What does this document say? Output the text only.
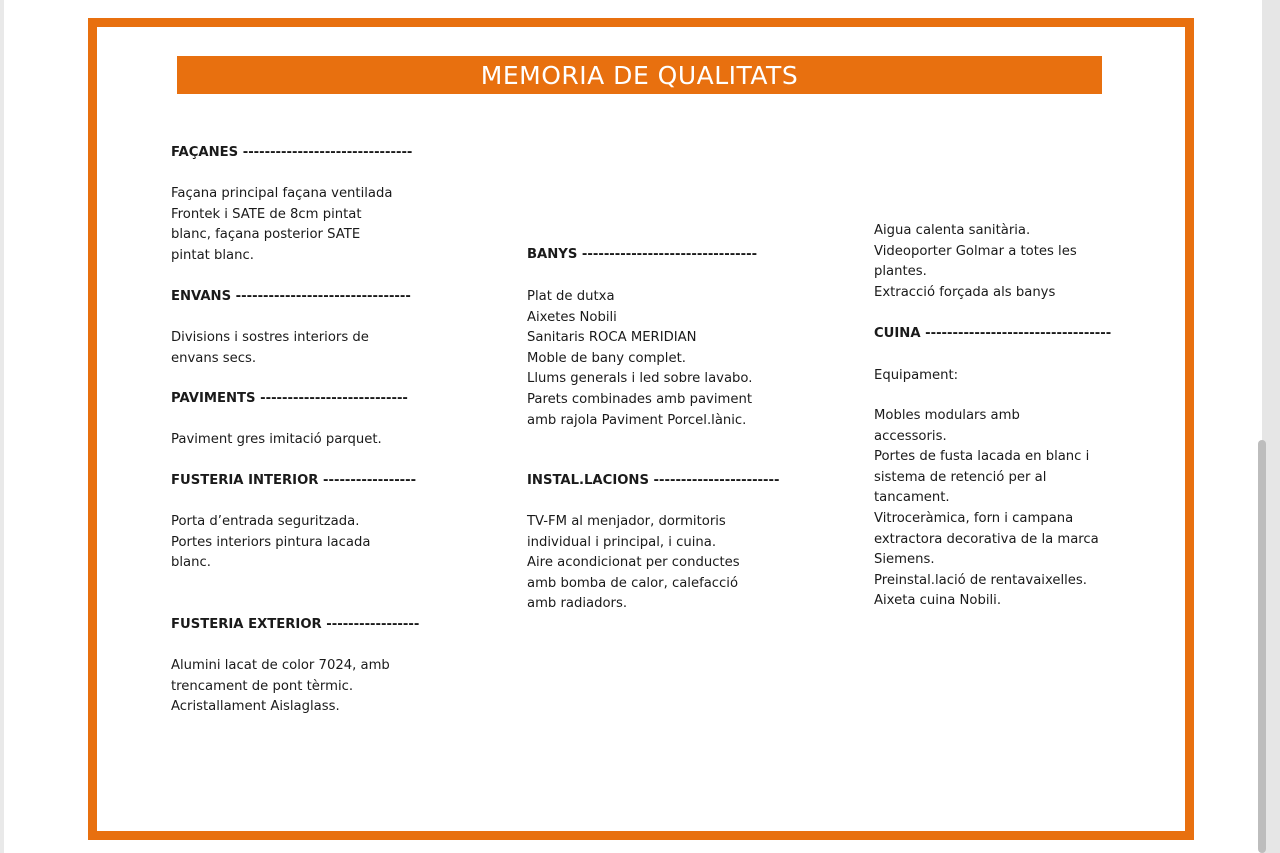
MEMORIA DE QUALITATS

FAÇANES -------------------------------

Façana principal façana ventilada

Frontek i SATE de 8cm pintat

blanc, façana posterior SATE

pintat blanc.

ENVANS --------------------------------

Divisions i sostres interiors de

envans secs.

PAVIMENTS ---------------------------

Paviment gres imitació parquet.

FUSTERIA INTERIOR -----------------

Porta d’entrada seguritzada.

Portes interiors pintura lacada

blanc.

FUSTERIA EXTERIOR -----------------

Alumini lacat de color 7024, amb

trencament de pont tèrmic.

Acristallament Aislaglass.

BANYS --------------------------------

Plat de dutxa

Aixetes Nobili

Sanitaris ROCA MERIDIAN

Moble de bany complet.

Llums generals i led sobre lavabo.

Parets combinades amb paviment

amb rajola Paviment Porcel.lànic.

INSTAL.LACIONS -----------------------

TV-FM al menjador, dormitoris

individual i principal, i cuina.

Aire acondicionat per conductes

amb bomba de calor, calefacció

amb radiadors.

Aigua calenta sanitària.

Videoporter Golmar a totes les

plantes.

Extracció forçada als banys

CUINA ----------------------------------

Equipament:

Mobles modulars amb

accessoris.

Portes de fusta lacada en blanc i

sistema de retenció per al

tancament.

Vitroceràmica, forn i campana

extractora decorativa de la marca

Siemens.

Preinstal.lació de rentavaixelles.

Aixeta cuina Nobili.
